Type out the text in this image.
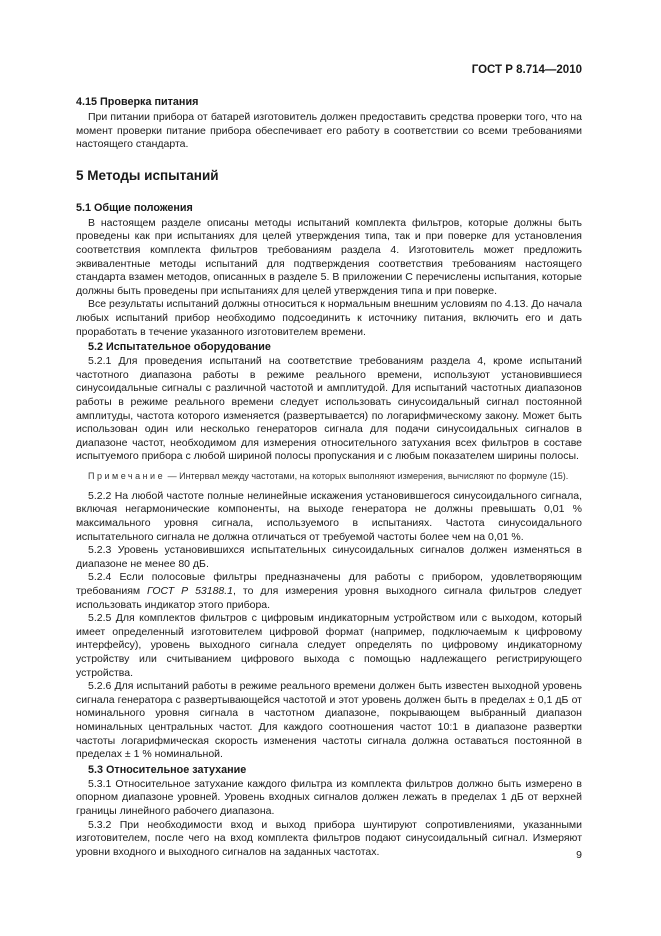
ГОСТ Р 8.714—2010
4.15 Проверка питания

При питании прибора от батарей изготовитель должен предоставить средства проверки того, что на момент проверки питание прибора обеспечивает его работу в соответствии со всеми требованиями настоящего стандарта.

5 Методы испытаний
5.1 Общие положения

В настоящем разделе описаны методы испытаний комплекта фильтров, которые должны быть проведены как при испытаниях для целей утверждения типа, так и при поверке для установления соответствия комплекта фильтров требованиям раздела 4. Изготовитель может предложить эквивалентные методы испытаний для подтверждения соответствия требованиям настоящего стандарта взамен методов, описанных в разделе 5. В приложении С перечислены испытания, которые должны быть проведены при испытаниях для целей утверждения типа и при поверке.

Все результаты испытаний должны относиться к нормальным внешним условиям по 4.13. До начала любых испытаний прибор необходимо подсоединить к источнику питания, включить его и дать проработать в течение указанного изготовителем времени.

5.2 Испытательное оборудование

5.2.1 Для проведения испытаний на соответствие требованиям раздела 4, кроме испытаний частотного диапазона работы в режиме реального времени, используют установившиеся синусоидальные сигналы с различной частотой и амплитудой. Для испытаний частотных диапазонов работы в режиме реального времени следует использовать синусоидальный сигнал постоянной амплитуды, частота которого изменяется (развертывается) по логарифмическому закону. Может быть использован один или несколько генераторов сигнала для подачи синусоидальных сигналов в диапазоне частот, необходимом для измерения относительного затухания всех фильтров в составе испытуемого прибора с любой шириной полосы пропускания и с любым показателем ширины полосы.

Примечание — Интервал между частотами, на которых выполняют измерения, вычисляют по формуле (15).

5.2.2 На любой частоте полные нелинейные искажения установившегося синусоидального сигнала, включая негармонические компоненты, на выходе генератора не должны превышать 0,01 % максимального уровня сигнала, используемого в испытаниях. Частота синусоидального испытательного сигнала не должна отличаться от требуемой частоты более чем на 0,01 %.

5.2.3 Уровень установившихся испытательных синусоидальных сигналов должен изменяться в диапазоне не менее 80 дБ.

5.2.4 Если полосовые фильтры предназначены для работы с прибором, удовлетворяющим требованиям ГОСТ Р 53188.1, то для измерения уровня выходного сигнала фильтров следует использовать индикатор этого прибора.

5.2.5 Для комплектов фильтров с цифровым индикаторным устройством или с выходом, который имеет определенный изготовителем цифровой формат (например, подключаемым к цифровому интерфейсу), уровень выходного сигнала следует определять по цифровому индикаторному устройству или считыванием цифрового выхода с помощью надлежащего регистрирующего устройства.

5.2.6 Для испытаний работы в режиме реального времени должен быть известен выходной уровень сигнала генератора с развертывающейся частотой и этот уровень должен быть в пределах ± 0,1 дБ от номинального уровня сигнала в частотном диапазоне, покрывающем выбранный диапазон номинальных центральных частот. Для каждого соотношения частот 10:1 в диапазоне развертки частоты логарифмическая скорость изменения частоты сигнала должна оставаться постоянной в пределах ± 1 % номинальной.

5.3 Относительное затухание

5.3.1 Относительное затухание каждого фильтра из комплекта фильтров должно быть измерено в опорном диапазоне уровней. Уровень входных сигналов должен лежать в пределах 1 дБ от верхней границы линейного рабочего диапазона.

5.3.2 При необходимости вход и выход прибора шунтируют сопротивлениями, указанными изготовителем, после чего на вход комплекта фильтров подают синусоидальный сигнал. Измеряют уровни входного и выходного сигналов на заданных частотах.	9
